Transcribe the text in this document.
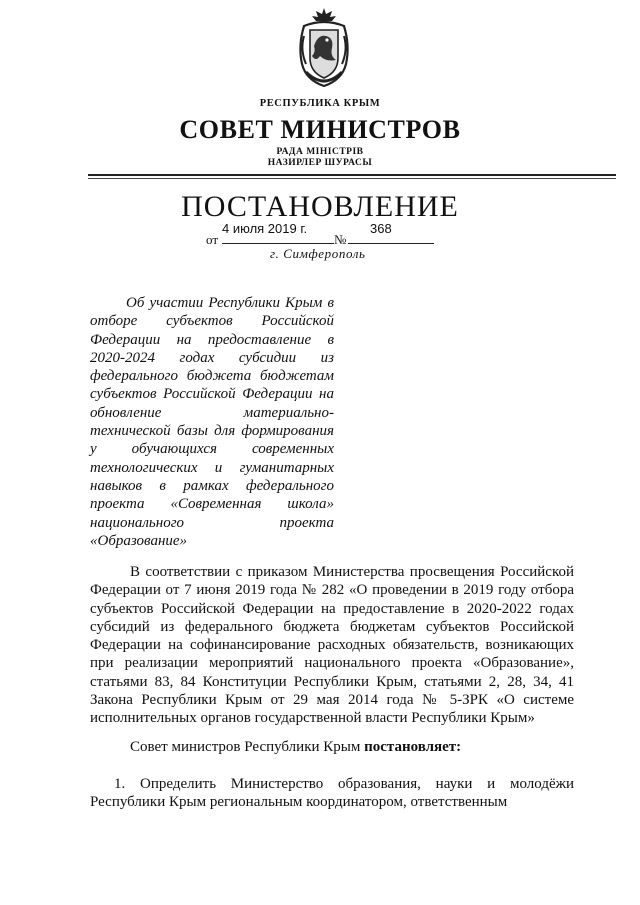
РЕСПУБЛИКА КРЫМ
СОВЕТ МИНИСТРОВ
РАДА МІНІСТРІВ
НАЗИРЛЕР ШУРАСЫ
ПОСТАНОВЛЕНИЕ
от
4 июля 2019 г.
№
368
г. Симферополь
Об участии Республики Крым в отборе субъектов Российской Федерации на предоставление в 2020-2024 годах субсидии из федерального бюджета бюджетам субъектов Российской Федерации на обновление материально-технической базы для формирования у обучающихся современных технологических и гуманитарных навыков в рамках федерального проекта «Современная школа» национального проекта «Образование»
В соответствии с приказом Министерства просвещения Российской Федерации от 7 июня 2019 года № 282 «О проведении в 2019 году отбора субъектов Российской Федерации на предоставление в 2020-2022 годах субсидий из федерального бюджета бюджетам субъектов Российской Федерации на софинансирование расходных обязательств, возникающих при реализации мероприятий национального проекта «Образование», статьями 83, 84 Конституции Республики Крым, статьями 2, 28, 34, 41 Закона Республики Крым от 29 мая 2014 года № 5-ЗРК «О системе исполнительных органов государственной власти Республики Крым»
Совет министров Республики Крым постановляет:
1. Определить Министерство образования, науки и молодёжи Республики Крым региональным координатором, ответственным
